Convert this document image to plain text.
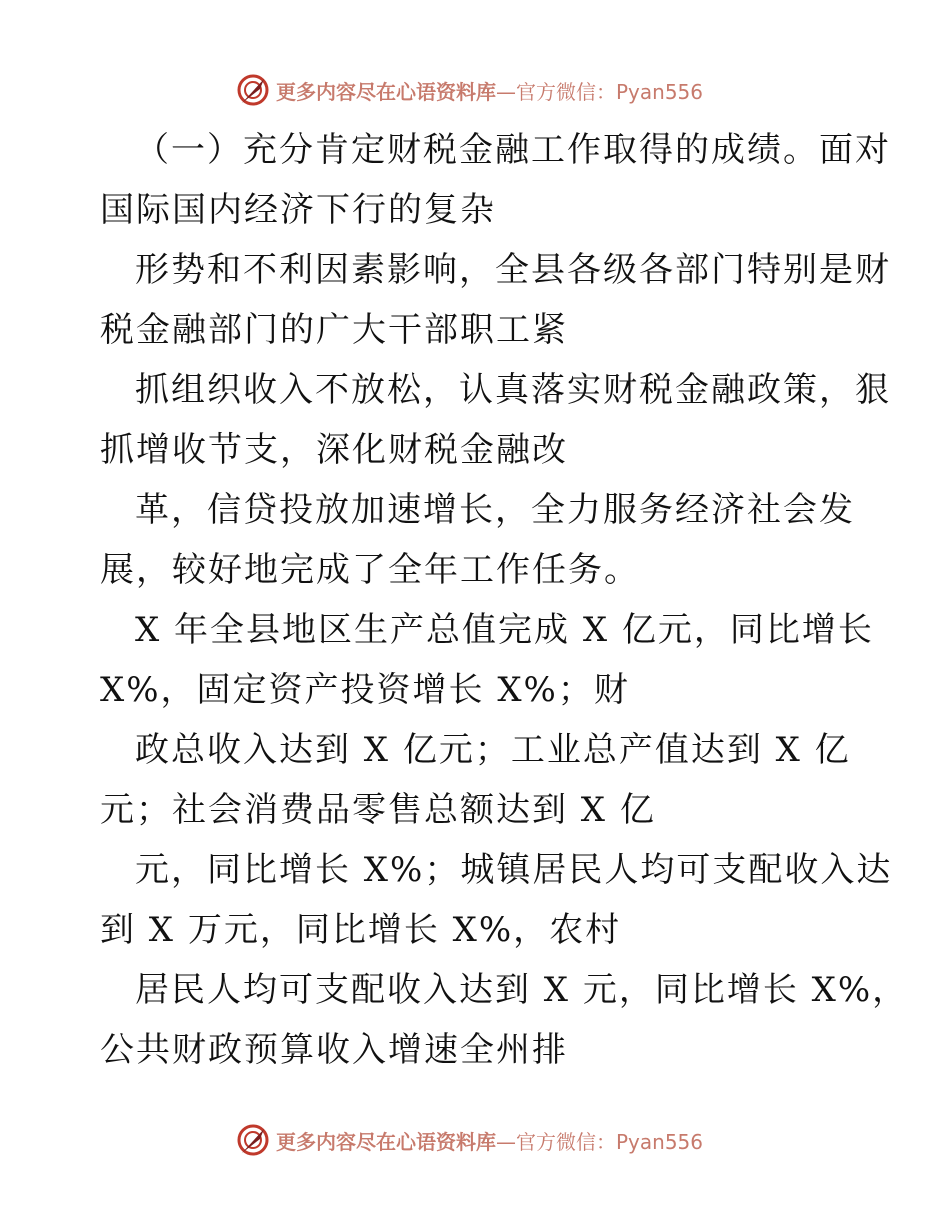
更多内容尽在心语资料库 —官方微信：Pyan556
（一）充分肯定财税金融工作取得的成绩。面对
国际国内经济下行的复杂
形势和不利因素影响，全县各级各部门特别是财
税金融部门的广大干部职工紧
抓组织收入不放松，认真落实财税金融政策，狠
抓增收节支，深化财税金融改
革，信贷投放加速增长，全力服务经济社会发
展，较好地完成了全年工作任务。
X 年全县地区生产总值完成 X 亿元，同比增长
X%，固定资产投资增长 X%；财
政总收入达到 X 亿元；工业总产值达到 X 亿
元；社会消费品零售总额达到 X 亿
元，同比增长 X%；城镇居民人均可支配收入达
到 X 万元，同比增长 X%，农村
居民人均可支配收入达到 X 元，同比增长 X%，
公共财政预算收入增速全州排
更多内容尽在心语资料库 —官方微信：Pyan556
